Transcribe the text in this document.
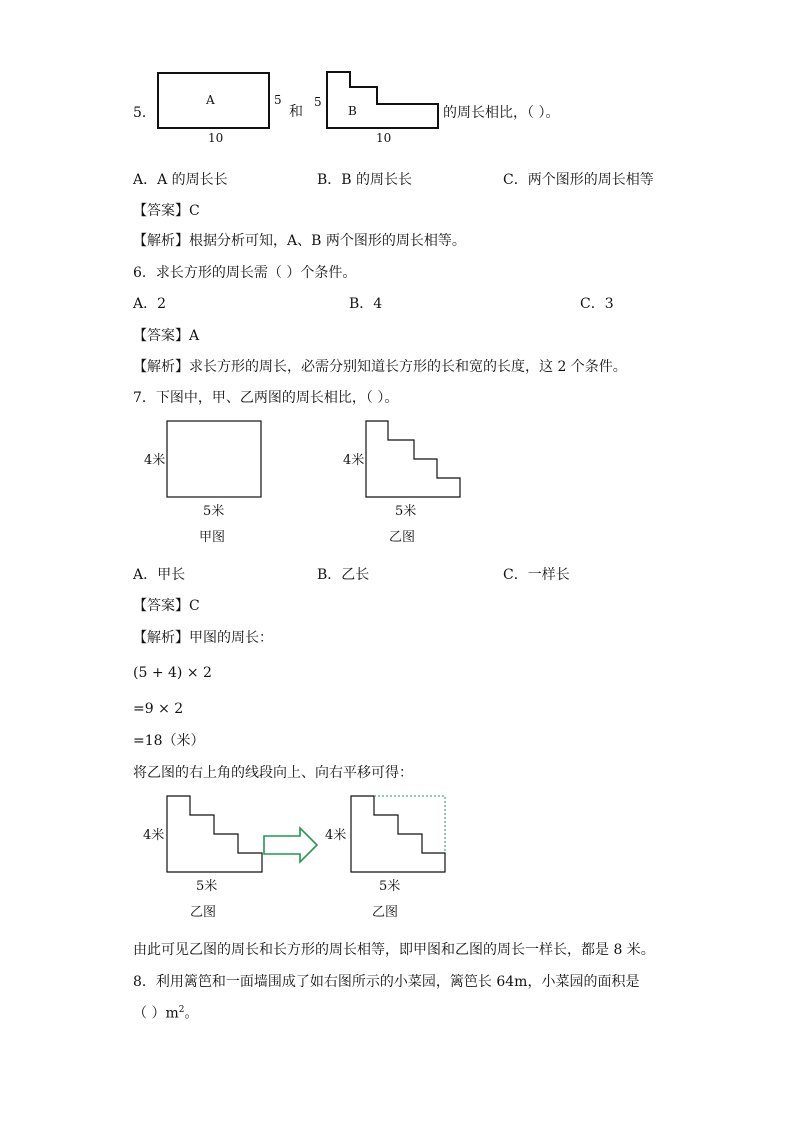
5．
A	5
10
和	B
5
10
的周长相比，（ ）。
A．A 的周长长	B．B 的周长长	C．两个图形的周长相等
【答案】C
【解析】根据分析可知，A、B 两个图形的周长相等。
6．求长方形的周长需（ ）个条件。
A．2	B．4	C．3
【答案】A
【解析】求长方形的周长，必需分别知道长方形的长和宽的长度，这 2 个条件。
7．下图中，甲、乙两图的周长相比，（ ）。
4米
5米
甲图
4米
5米
乙图
A．甲长	B．乙长	C．一样长
【答案】C
【解析】甲图的周长：
(5 + 4) × 2
=9 × 2
=18（米）
将乙图的右上角的线段向上、向右平移可得：
4米
5米
乙图
4米
5米
乙图
由此可见乙图的周长和长方形的周长相等，即甲图和乙图的周长一样长，都是 8 米。
8．利用篱笆和一面墙围成了如右图所示的小菜园，篱笆长 64m，小菜园的面积是
（ ）$m^2$。
